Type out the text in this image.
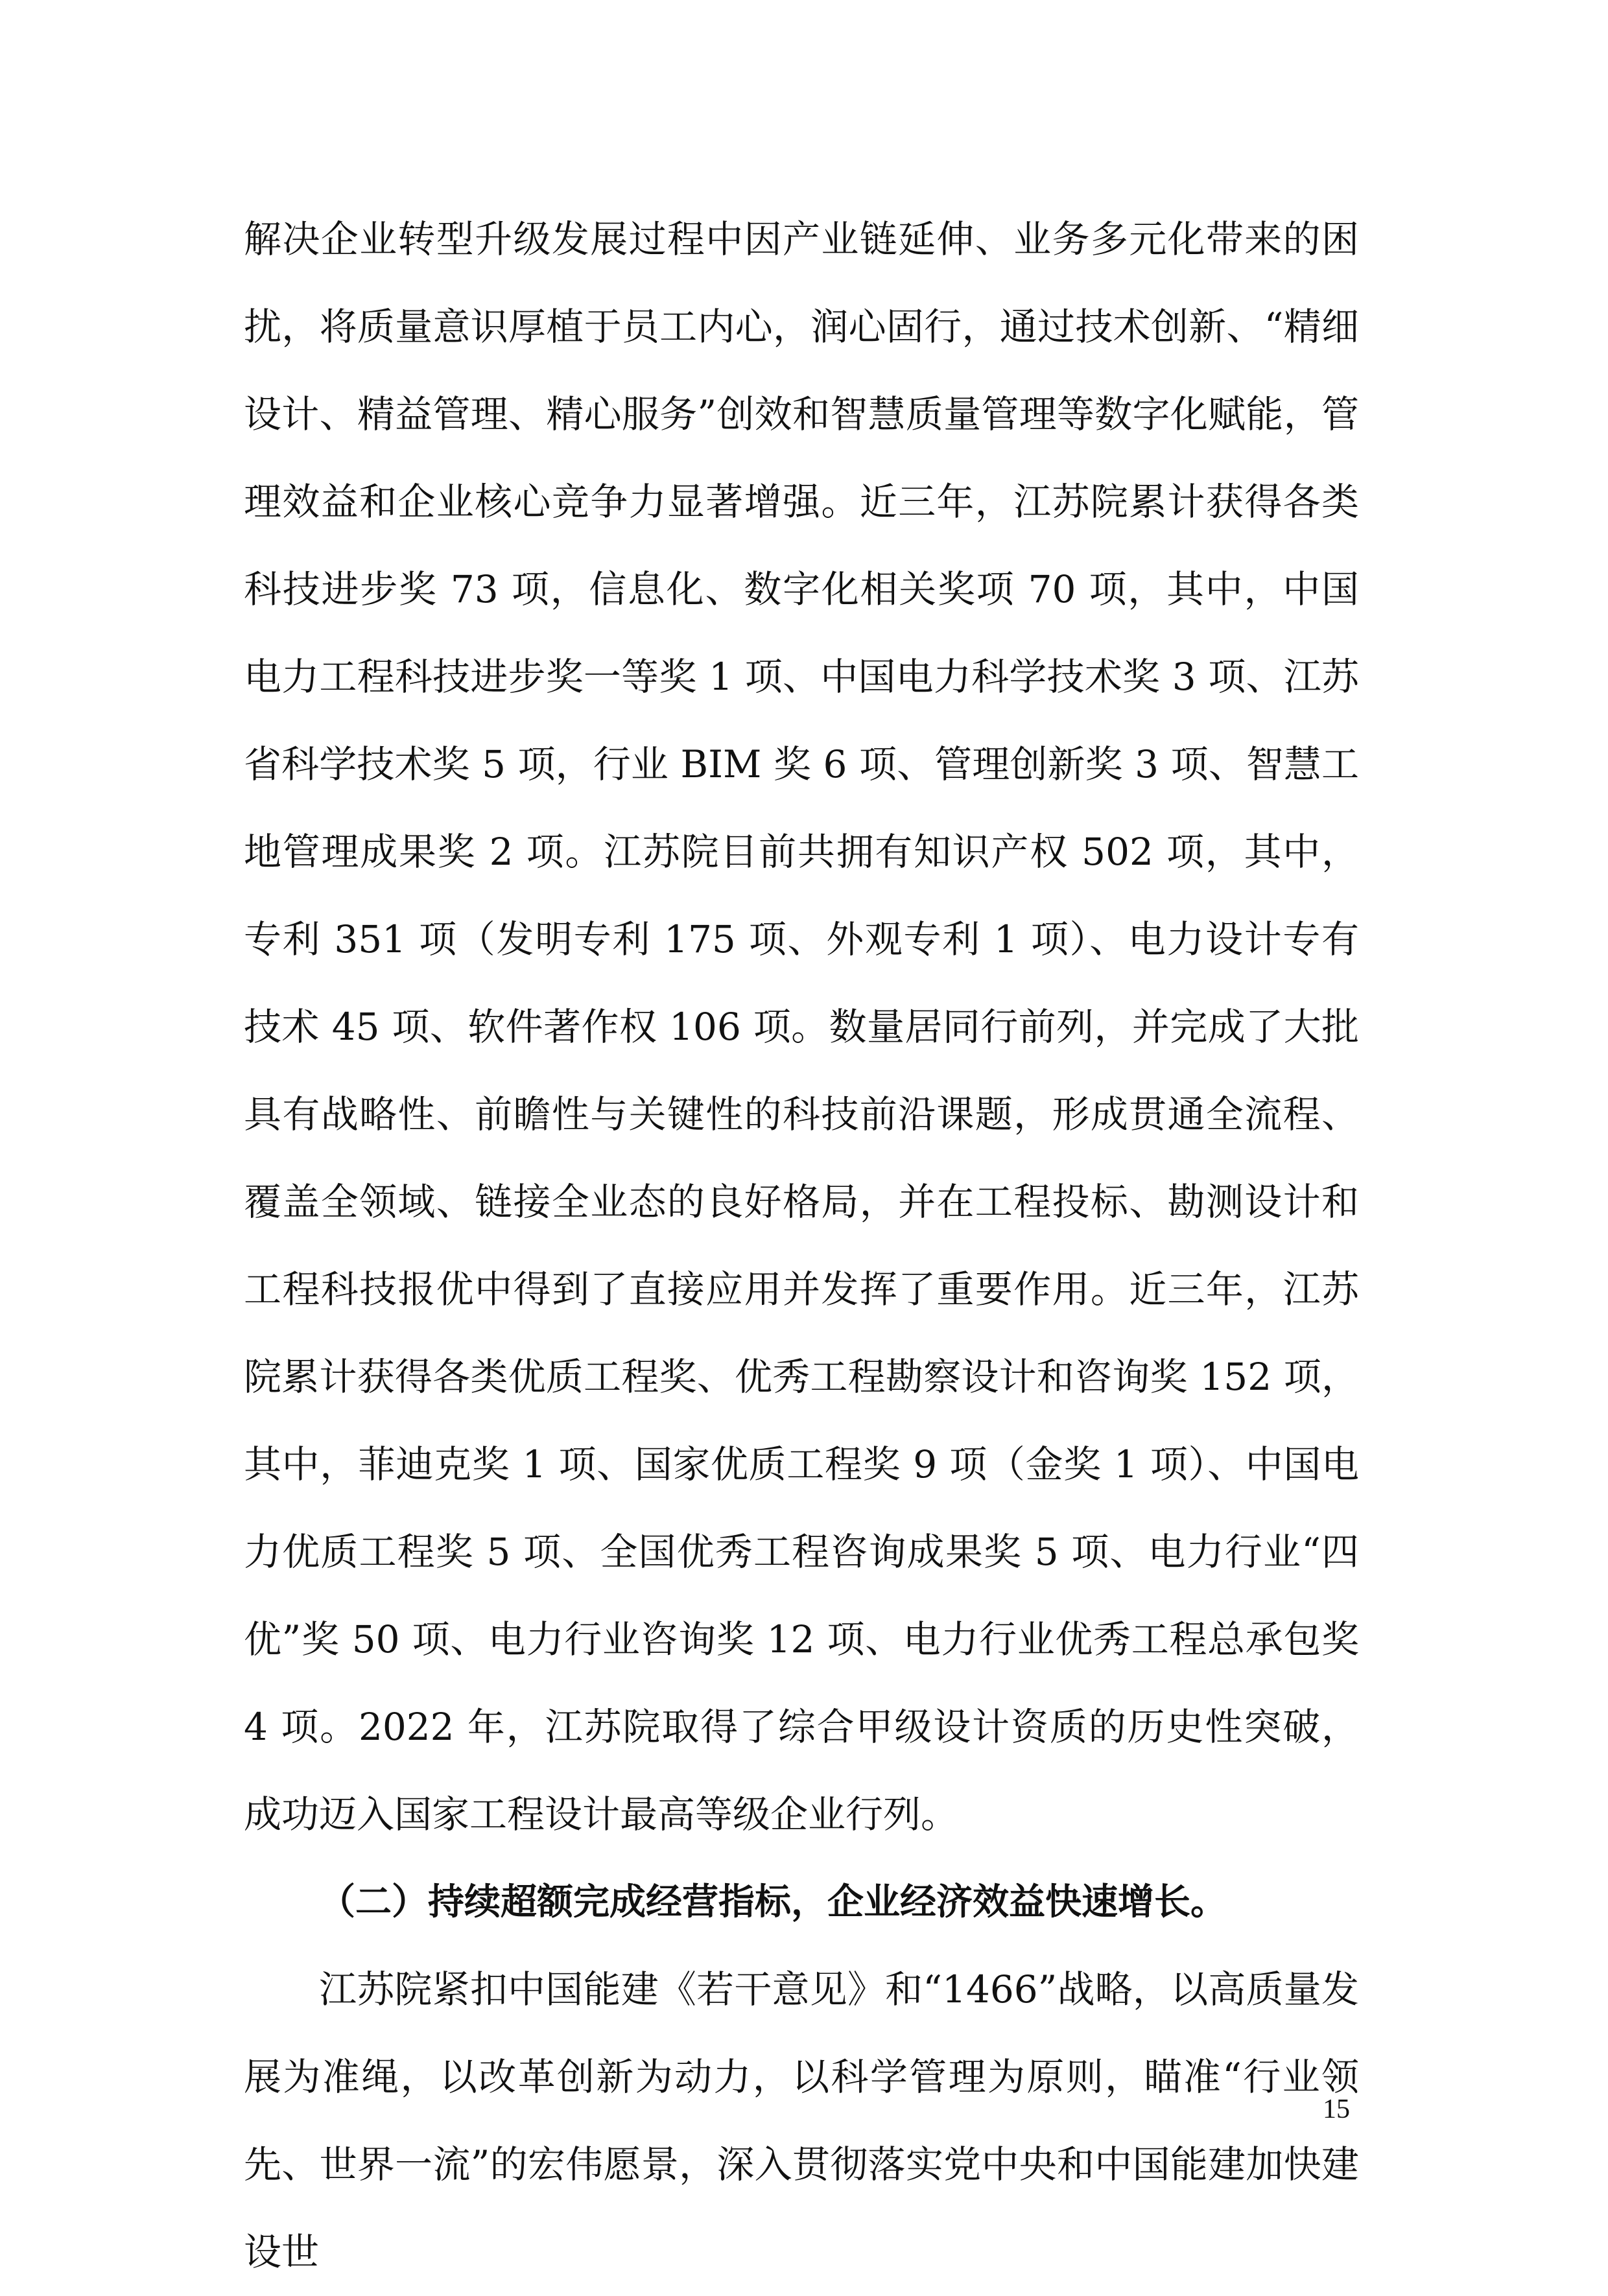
解决企业转型升级发展过程中因产业链延伸、业务多元化带来的困扰，将质量意识厚植于员工内心，润心固行，通过技术创新、“精细设计、精益管理、精心服务”创效和智慧质量管理等数字化赋能，管理效益和企业核心竞争力显著增强。近三年，江苏院累计获得各类科技进步奖 73 项，信息化、数字化相关奖项 70 项，其中，中国电力工程科技进步奖一等奖 1 项、中国电力科学技术奖 3 项、江苏省科学技术奖 5 项，行业 BIM 奖 6 项、管理创新奖 3 项、智慧工地管理成果奖 2 项。江苏院目前共拥有知识产权 502 项，其中，专利 351 项（发明专利 175 项、外观专利 1 项）、电力设计专有技术 45 项、软件著作权 106 项。数量居同行前列，并完成了大批具有战略性、前瞻性与关键性的科技前沿课题，形成贯通全流程、覆盖全领域、链接全业态的良好格局，并在工程投标、勘测设计和工程科技报优中得到了直接应用并发挥了重要作用。近三年，江苏院累计获得各类优质工程奖、优秀工程勘察设计和咨询奖 152 项，其中，菲迪克奖 1 项、国家优质工程奖 9 项（金奖 1 项）、中国电力优质工程奖 5 项、全国优秀工程咨询成果奖 5 项、电力行业“四优”奖 50 项、电力行业咨询奖 12 项、电力行业优秀工程总承包奖 4 项。2022 年，江苏院取得了综合甲级设计资质的历史性突破，成功迈入国家工程设计最高等级企业行列。

（二）持续超额完成经营指标，企业经济效益快速增长。

江苏院紧扣中国能建《若干意见》和“1466”战略，以高质量发展为准绳，以改革创新为动力，以科学管理为原则，瞄准“行业领先、世界一流”的宏伟愿景，深入贯彻落实党中央和中国能建加快建设世

15
